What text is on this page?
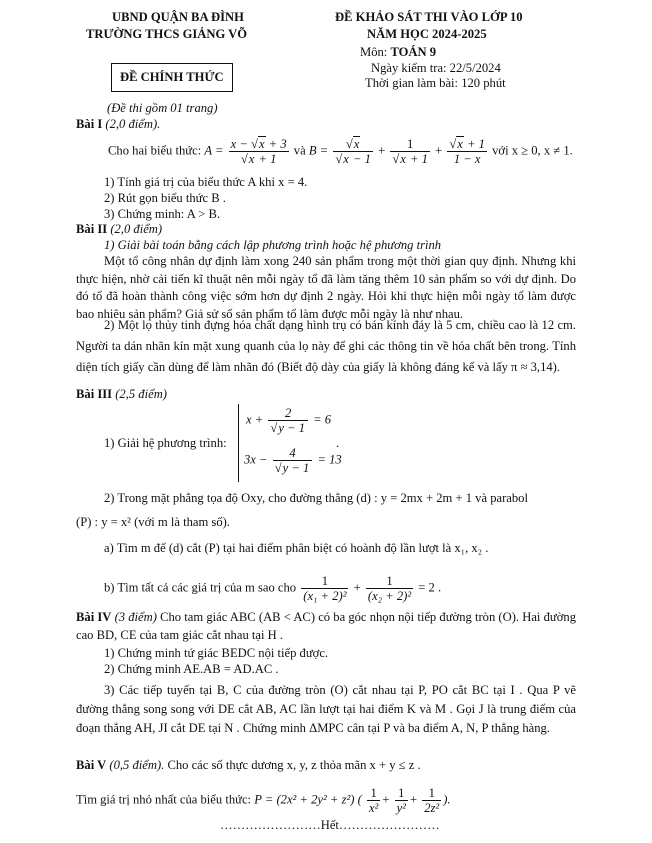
UBND QUẬN BA ĐÌNH
TRƯỜNG THCS GIẢNG VÕ
ĐỀ KHẢO SÁT THI VÀO LỚP 10
NĂM HỌC 2024-2025
Môn: TOÁN 9
Ngày kiểm tra: 22/5/2024
Thời gian làm bài: 120 phút
ĐỀ CHÍNH THỨC
(Đề thi gồm 01 trang)
Bài I (2,0 điểm).
Cho hai biểu thức: $A = \frac{x - √x + 3}{√x + 1}$ và $B = \frac{√x}{√x - 1} + \frac{1}{√x + 1} + \frac{√x + 1}{1 - x}$ với x ≥ 0, x ≠ 1.
1) Tính giá trị của biểu thức A khi x = 4.
2) Rút gọn biểu thức B .
3) Chứng minh: A > B.
Bài II (2,0 điểm)
1) Giải bài toán bằng cách lập phương trình hoặc hệ phương trình
Một tổ công nhân dự định làm xong 240 sản phẩm trong một thời gian quy định. Nhưng khi thực hiện, nhờ cải tiến kĩ thuật nên mỗi ngày tổ đã làm tăng thêm 10 sản phẩm so với dự định. Do đó tổ đã hoàn thành công việc sớm hơn dự định 2 ngày. Hỏi khi thực hiện mỗi ngày tổ làm được bao nhiêu sản phẩm? Giả sử số sản phẩm tổ làm được mỗi ngày là như nhau.
2) Một lọ thủy tinh đựng hóa chất dạng hình trụ có bán kính đáy là 5 cm, chiều cao là 12 cm. Người ta dán nhãn kín mặt xung quanh của lọ này để ghi các thông tin về hóa chất bên trong. Tính diện tích giấy cần dùng để làm nhãn đó (Biết độ dày của giấy là không đáng kể và lấy π ≈ 3,14).
Bài III (2,5 điểm)
1) Giải hệ phương trình:
$x + \frac{2}{√y - 1} = 6$
$3x - \frac{4}{√y - 1} = 13$
.
2) Trong mặt phẳng tọa độ Oxy, cho đường thẳng (d) : y = 2mx + 2m + 1 và parabol
(P) : y = x² (với m là tham số).
a) Tìm m để (d) cắt (P) tại hai điểm phân biệt có hoành độ lần lượt là x₁, x₂ .
b) Tìm tất cả các giá trị của m sao cho $\frac{1}{\text{(x₁ + 2)²}} + \frac{1}{\text{(x₂ + 2)²}} = 2$ .
Bài IV (3 điểm) Cho tam giác ABC (AB < AC) có ba góc nhọn nội tiếp đường tròn (O). Hai đường cao BD, CE của tam giác cắt nhau tại H .
1) Chứng minh tứ giác BEDC nội tiếp được.
2) Chứng minh AE.AB = AD.AC .
3) Các tiếp tuyến tại B, C của đường tròn (O) cắt nhau tại P, PO cắt BC tại I . Qua P vẽ đường thẳng song song với DE cắt AB, AC lần lượt tại hai điểm K và M . Gọi J là trung điểm của đoạn thẳng AH, JI cắt DE tại N . Chứng minh ΔMPC cân tại P và ba điểm A, N, P thẳng hàng.
Bài V (0,5 điểm). Cho các số thực dương x, y, z thỏa mãn x + y ≤ z .
Tìm giá trị nhỏ nhất của biểu thức: P = (2x² + 2y² + z²) ( $\frac{1}{\text{x²}} + \frac{1}{\text{y²}} + \frac{1}{\text{2z²}}$ ).
……………………Hết……………………
